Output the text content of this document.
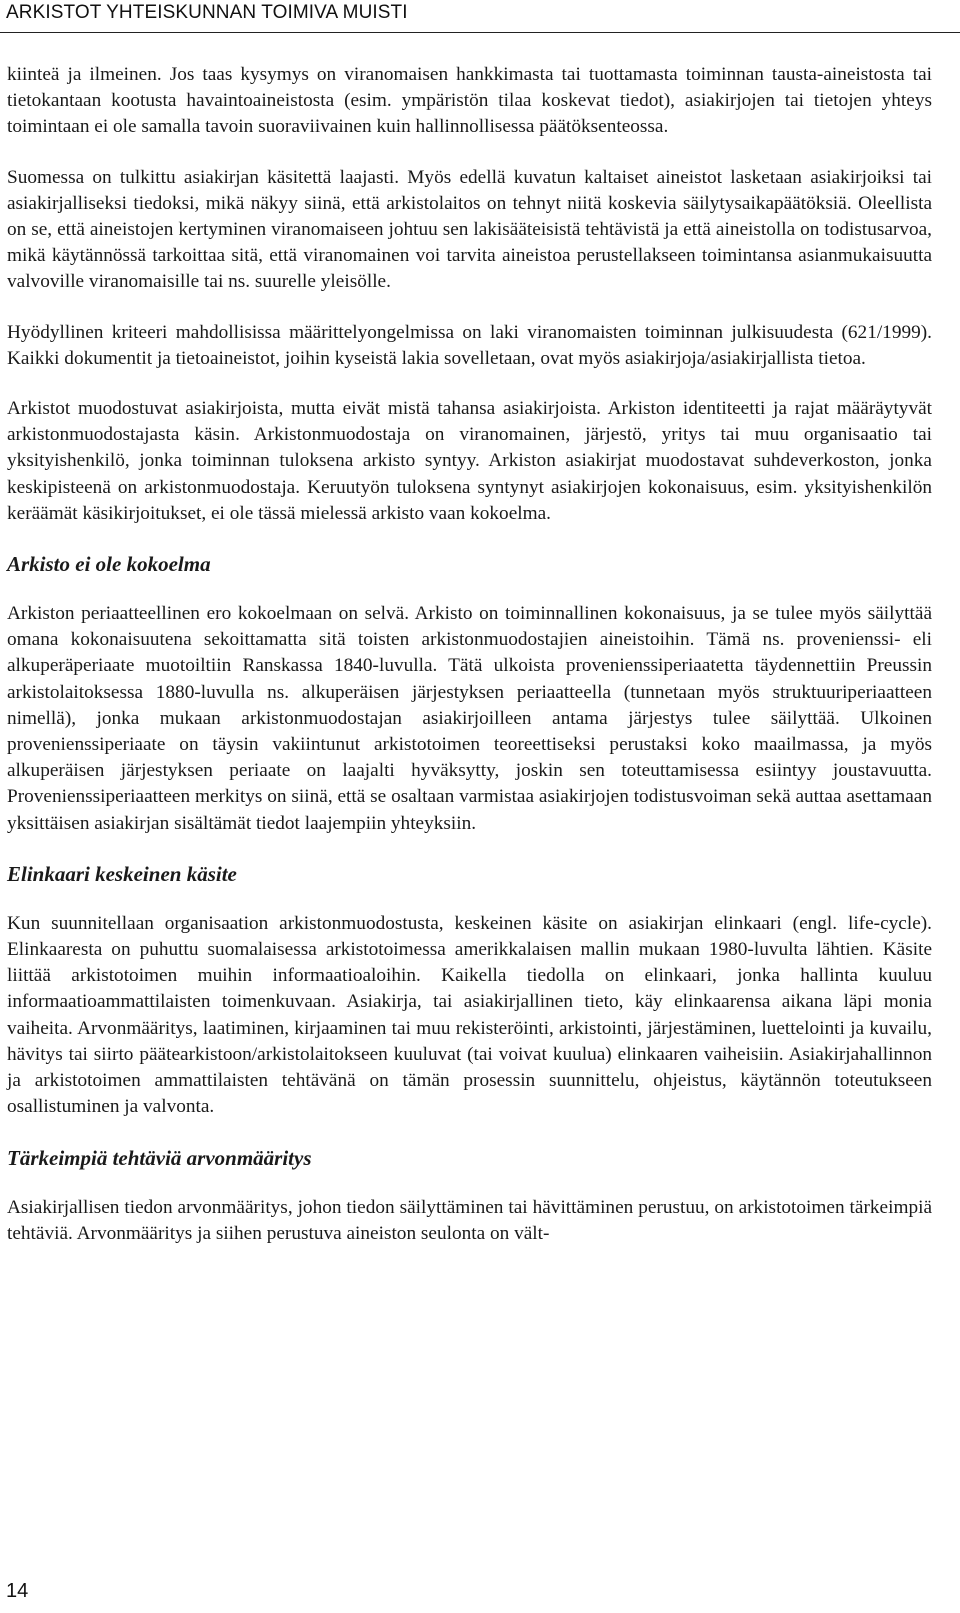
ARKISTOT YHTEISKUNNAN TOIMIVA MUISTI

kiinteä ja ilmeinen. Jos taas kysymys on viranomaisen hankkimasta tai tuottamasta toiminnan tausta-aineistosta tai tietokantaan kootusta havaintoaineistosta (esim. ympäristön tilaa koskevat tiedot), asiakirjojen tai tietojen yhteys toimintaan ei ole samalla tavoin suoraviivainen kuin hallinnollisessa päätöksenteossa.

Suomessa on tulkittu asiakirjan käsitettä laajasti. Myös edellä kuvatun kaltaiset aineistot lasketaan asiakirjoiksi tai asiakirjalliseksi tiedoksi, mikä näkyy siinä, että arkistolaitos on tehnyt niitä koskevia säilytysaikapäätöksiä. Oleellista on se, että aineistojen kertyminen viranomaiseen johtuu sen lakisääteisistä tehtävistä ja että aineistolla on todistusarvoa, mikä käytännössä tarkoittaa sitä, että viranomainen voi tarvita aineistoa perustellakseen toimintansa asianmukaisuutta valvoville viranomaisille tai ns. suurelle yleisölle.

Hyödyllinen kriteeri mahdollisissa määrittelyongelmissa on laki viranomaisten toiminnan julkisuudesta (621/1999). Kaikki dokumentit ja tietoaineistot, joihin kyseistä lakia sovelletaan, ovat myös asiakirjoja/asiakirjallista tietoa.

Arkistot muodostuvat asiakirjoista, mutta eivät mistä tahansa asiakirjoista. Arkiston identiteetti ja rajat määräytyvät arkistonmuodostajasta käsin. Arkistonmuodostaja on viranomainen, järjestö, yritys tai muu organisaatio tai yksityishenkilö, jonka toiminnan tuloksena arkisto syntyy. Arkiston asiakirjat muodostavat suhdeverkoston, jonka keskipisteenä on arkistonmuodostaja. Keruutyön tuloksena syntynyt asiakirjojen kokonaisuus, esim. yksityishenkilön keräämät käsikirjoitukset, ei ole tässä mielessä arkisto vaan kokoelma.

Arkisto ei ole kokoelma

Arkiston periaatteellinen ero kokoelmaan on selvä. Arkisto on toiminnallinen kokonaisuus, ja se tulee myös säilyttää omana kokonaisuutena sekoittamatta sitä toisten arkistonmuodostajien aineistoihin. Tämä ns. provenienssi- eli alkuperäperiaate muotoiltiin Ranskassa 1840-luvulla. Tätä ulkoista provenienssiperiaatetta täydennettiin Preussin arkistolaitoksessa 1880-luvulla ns. alkuperäisen järjestyksen periaatteella (tunnetaan myös struktuuriperiaatteen nimellä), jonka mukaan arkistonmuodostajan asiakirjoilleen antama järjestys tulee säilyttää. Ulkoinen provenienssiperiaate on täysin vakiintunut arkistotoimen teoreettiseksi perustaksi koko maailmassa, ja myös alkuperäisen järjestyksen periaate on laajalti hyväksytty, joskin sen toteuttamisessa esiintyy joustavuutta. Provenienssiperiaatteen merkitys on siinä, että se osaltaan varmistaa asiakirjojen todistusvoiman sekä auttaa asettamaan yksittäisen asiakirjan sisältämät tiedot laajempiin yhteyksiin.

Elinkaari keskeinen käsite

Kun suunnitellaan organisaation arkistonmuodostusta, keskeinen käsite on asiakirjan elinkaari (engl. life-cycle). Elinkaaresta on puhuttu suomalaisessa arkistotoimessa amerikkalaisen mallin mukaan 1980-luvulta lähtien. Käsite liittää arkistotoimen muihin informaatioaloihin. Kaikella tiedolla on elinkaari, jonka hallinta kuuluu informaatioammattilaisten toimenkuvaan. Asiakirja, tai asiakirjallinen tieto, käy elinkaarensa aikana läpi monia vaiheita. Arvonmääritys, laatiminen, kirjaaminen tai muu rekisteröinti, arkistointi, järjestäminen, luettelointi ja kuvailu, hävitys tai siirto päätearkistoon/arkistolaitokseen kuuluvat (tai voivat kuulua) elinkaaren vaiheisiin. Asiakirjahallinnon ja arkistotoimen ammattilaisten tehtävänä on tämän prosessin suunnittelu, ohjeistus, käytännön toteutukseen osallistuminen ja valvonta.

Tärkeimpiä tehtäviä arvonmääritys

Asiakirjallisen tiedon arvonmääritys, johon tiedon säilyttäminen tai hävittäminen perustuu, on arkistotoimen tärkeimpiä tehtäviä. Arvonmääritys ja siihen perustuva aineiston seulonta on vält-

14
